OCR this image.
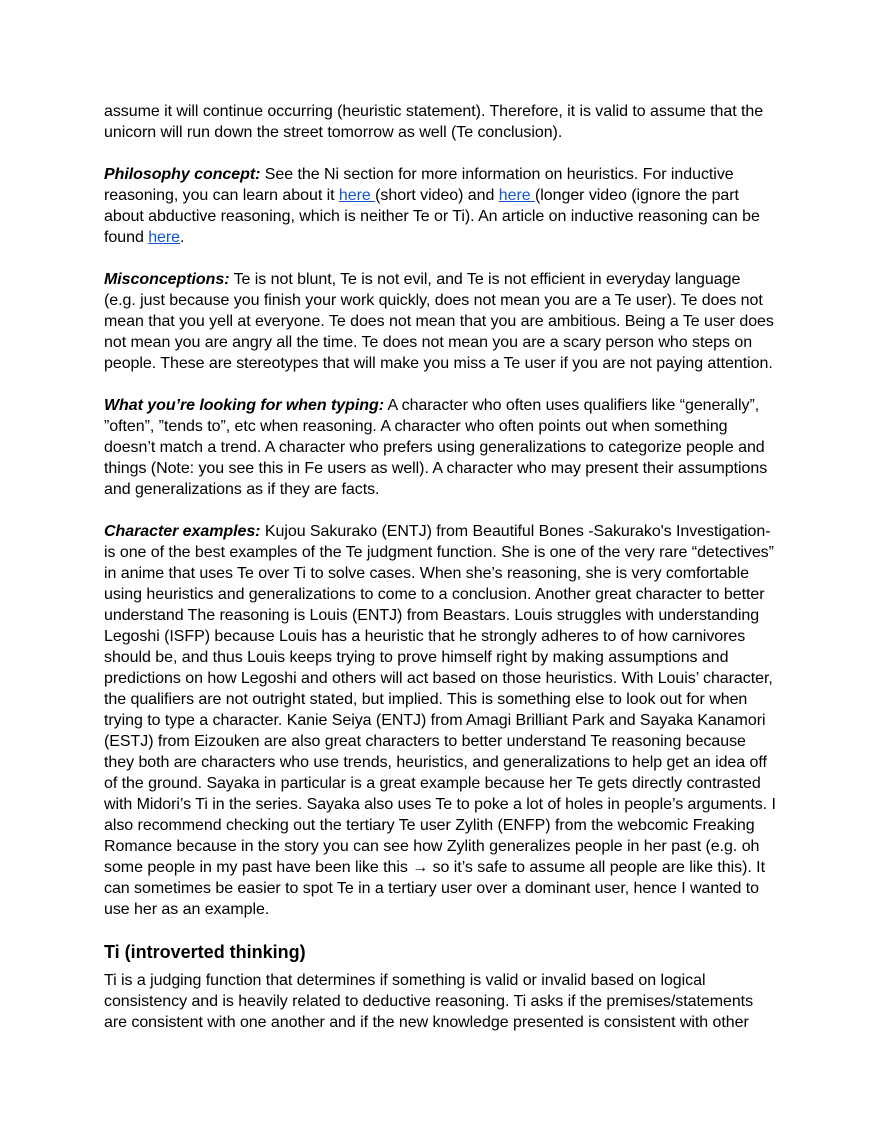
assume it will continue occurring (heuristic statement). Therefore, it is valid to assume that the unicorn will run down the street tomorrow as well (Te conclusion).

Philosophy concept: See the Ni section for more information on heuristics. For inductive reasoning, you can learn about it here (short video) and here (longer video (ignore the part about abductive reasoning, which is neither Te or Ti). An article on inductive reasoning can be found here.

Misconceptions: Te is not blunt, Te is not evil, and Te is not efficient in everyday language (e.g. just because you finish your work quickly, does not mean you are a Te user). Te does not mean that you yell at everyone. Te does not mean that you are ambitious. Being a Te user does not mean you are angry all the time. Te does not mean you are a scary person who steps on people. These are stereotypes that will make you miss a Te user if you are not paying attention.

What you’re looking for when typing: A character who often uses qualifiers like “generally”, ”often”, ”tends to”, etc when reasoning. A character who often points out when something doesn’t match a trend. A character who prefers using generalizations to categorize people and things (Note: you see this in Fe users as well). A character who may present their assumptions and generalizations as if they are facts.

Character examples: Kujou Sakurako (ENTJ) from Beautiful Bones -Sakurako's Investigation- is one of the best examples of the Te judgment function. She is one of the very rare “detectives” in anime that uses Te over Ti to solve cases. When she’s reasoning, she is very comfortable using heuristics and generalizations to come to a conclusion. Another great character to better understand The reasoning is Louis (ENTJ) from Beastars. Louis struggles with understanding Legoshi (ISFP) because Louis has a heuristic that he strongly adheres to of how carnivores should be, and thus Louis keeps trying to prove himself right by making assumptions and predictions on how Legoshi and others will act based on those heuristics. With Louis’ character, the qualifiers are not outright stated, but implied. This is something else to look out for when trying to type a character. Kanie Seiya (ENTJ) from Amagi Brilliant Park and Sayaka Kanamori (ESTJ) from Eizouken are also great characters to better understand Te reasoning because they both are characters who use trends, heuristics, and generalizations to help get an idea off of the ground. Sayaka in particular is a great example because her Te gets directly contrasted with Midori’s Ti in the series. Sayaka also uses Te to poke a lot of holes in people’s arguments. I also recommend checking out the tertiary Te user Zylith (ENFP) from the webcomic Freaking Romance because in the story you can see how Zylith generalizes people in her past (e.g. oh some people in my past have been like this → so it’s safe to assume all people are like this). It can sometimes be easier to spot Te in a tertiary user over a dominant user, hence I wanted to use her as an example.

Ti (introverted thinking)

Ti is a judging function that determines if something is valid or invalid based on logical consistency and is heavily related to deductive reasoning. Ti asks if the premises/statements are consistent with one another and if the new knowledge presented is consistent with other
